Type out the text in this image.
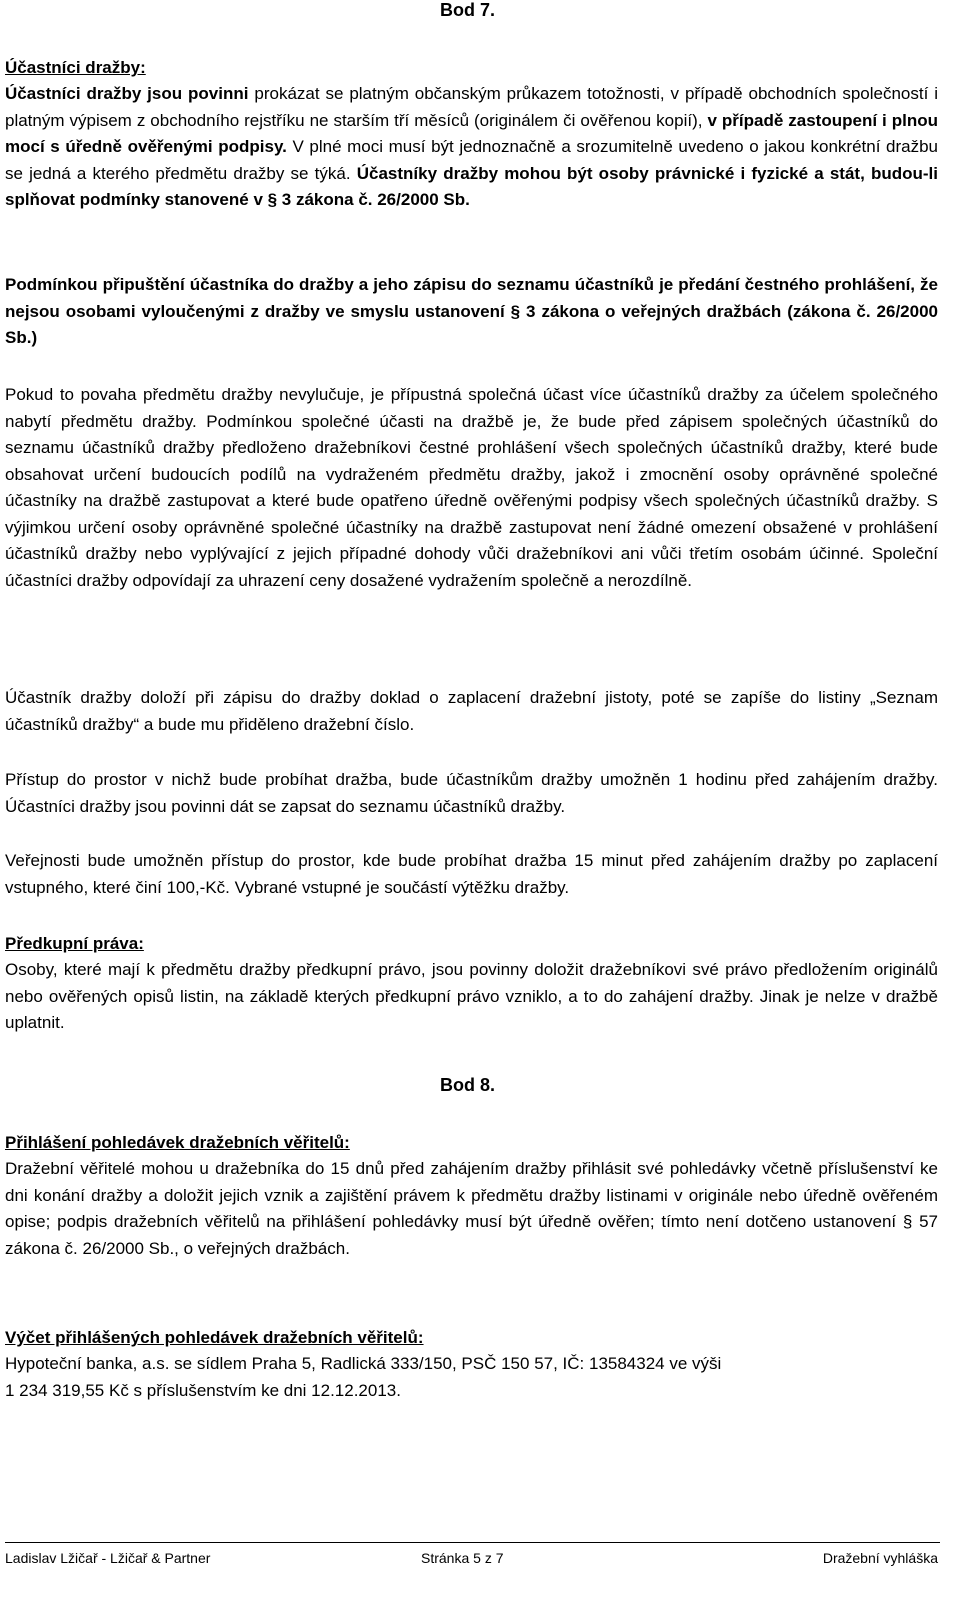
Bod 7.
Účastníci dražby:
Účastníci dražby jsou povinni prokázat se platným občanským průkazem totožnosti, v případě obchodních společností i platným výpisem z obchodního rejstříku ne starším tří měsíců (originálem či ověřenou kopií), v případě zastoupení i plnou mocí s úředně ověřenými podpisy. V plné moci musí být jednoznačně a srozumitelně uvedeno o jakou konkrétní dražbu se jedná a kterého předmětu dražby se týká. Účastníky dražby mohou být osoby právnické i fyzické a stát, budou-li splňovat podmínky stanovené v § 3 zákona č. 26/2000 Sb.
Podmínkou připuštění účastníka do dražby a jeho zápisu do seznamu účastníků je předání čestného prohlášení, že nejsou osobami vyloučenými z dražby ve smyslu ustanovení § 3 zákona o veřejných dražbách (zákona č. 26/2000 Sb.)
Pokud to povaha předmětu dražby nevylučuje, je přípustná společná účast více účastníků dražby za účelem společného nabytí předmětu dražby. Podmínkou společné účasti na dražbě je, že bude před zápisem společných účastníků do seznamu účastníků dražby předloženo dražebníkovi čestné prohlášení všech společných účastníků dražby, které bude obsahovat určení budoucích podílů na vydraženém předmětu dražby, jakož i zmocnění osoby oprávněné společné účastníky na dražbě zastupovat a které bude opatřeno úředně ověřenými podpisy všech společných účastníků dražby. S výjimkou určení osoby oprávněné společné účastníky na dražbě zastupovat není žádné omezení obsažené v prohlášení účastníků dražby nebo vyplývající z jejich případné dohody vůči dražebníkovi ani vůči třetím osobám účinné. Společní účastníci dražby odpovídají za uhrazení ceny dosažené vydražením společně a nerozdílně.
Účastník dražby doloží při zápisu do dražby doklad o zaplacení dražební jistoty, poté se zapíše do listiny „Seznam účastníků dražby“ a bude mu přiděleno dražební číslo.
Přístup do prostor v nichž bude probíhat dražba, bude účastníkům dražby umožněn 1 hodinu před zahájením dražby. Účastníci dražby jsou povinni dát se zapsat do seznamu účastníků dražby.
Veřejnosti bude umožněn přístup do prostor, kde bude probíhat dražba 15 minut před zahájením dražby po zaplacení vstupného, které činí 100,-Kč. Vybrané vstupné je součástí výtěžku dražby.
Předkupní práva:
Osoby, které mají k předmětu dražby předkupní právo, jsou povinny doložit dražebníkovi své právo předložením originálů nebo ověřených opisů listin, na základě kterých předkupní právo vzniklo, a to do zahájení dražby. Jinak je nelze v dražbě uplatnit.
Bod 8.
Přihlášení pohledávek dražebních věřitelů:
Dražební věřitelé mohou u dražebníka do 15 dnů před zahájením dražby přihlásit své pohledávky včetně příslušenství ke dni konání dražby a doložit jejich vznik a zajištění právem k předmětu dražby listinami v originále nebo úředně ověřeném opise; podpis dražebních věřitelů na přihlášení pohledávky musí být úředně ověřen; tímto není dotčeno ustanovení § 57 zákona č. 26/2000 Sb., o veřejných dražbách.
Výčet přihlášených pohledávek dražebních věřitelů:
Hypoteční banka, a.s. se sídlem Praha 5, Radlická 333/150, PSČ 150 57, IČ: 13584324 ve výši
1 234 319,55 Kč s příslušenstvím ke dni 12.12.2013.
Ladislav Lžičař - Lžičař & Partner	Stránka 5 z 7	Dražební vyhláška
